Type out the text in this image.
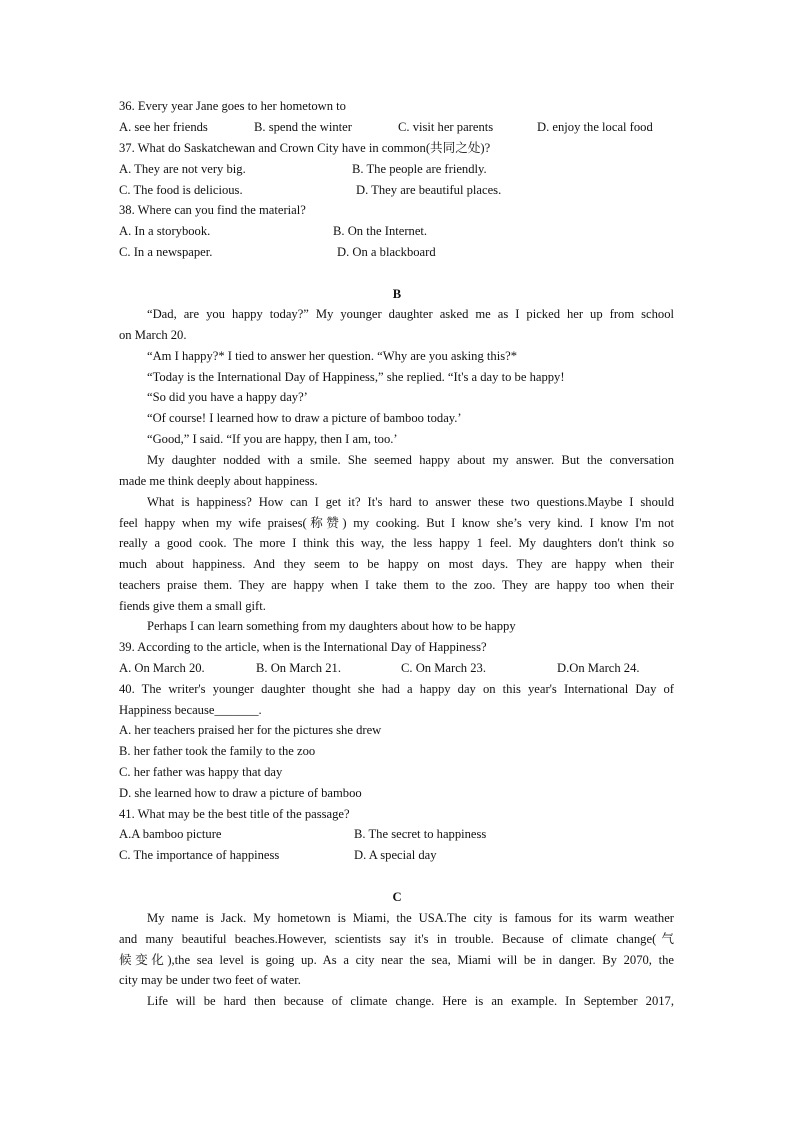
36. Every year Jane goes to her hometown to
A. see her friends	B. spend the winter	C. visit her parents	D. enjoy the local food
37. What do Saskatchewan and Crown City have in common(共同之处)?
A. They are not very big.	B. The people are friendly.
C. The food is delicious.	D. They are beautiful places.
38. Where can you find the material?
A. In a storybook.	B. On the Internet.
C. In a newspaper.	D. On a blackboard
B
“Dad, are you happy today?” My younger daughter asked me as I picked her up from school
on March 20.
“Am I happy?* I tied to answer her question. “Why are you asking this?*
“Today is the International Day of Happiness,” she replied. “It's a day to be happy!
“So did you have a happy day?’
“Of course! I learned how to draw a picture of bamboo today.’
“Good,” I said. “If you are happy, then I am, too.’
My daughter nodded with a smile. She seemed happy about my answer. But the conversation
made me think deeply about happiness.
What is happiness? How can I get it? It's hard to answer these two questions.Maybe I should
feel happy when my wife praises(称赞) my cooking. But I know she’s very kind. I know I'm not
really a good cook. The more I think this way, the less happy 1 feel. My daughters don't think so
much about happiness. And they seem to be happy on most days. They are happy when their
teachers praise them. They are happy when I take them to the zoo. They are happy too when their
fiends give them a small gift.
Perhaps I can learn something from my daughters about how to be happy
39. According to the article, when is the International Day of Happiness?
A. On March 20.	B. On March 21.	C. On March 23.	D.On March 24.
40. The writer's younger daughter thought she had a happy day on this year's International Day of
Happiness because_______.
A. her teachers praised her for the pictures she drew
B. her father took the family to the zoo
C. her father was happy that day
D. she learned how to draw a picture of bamboo
41. What may be the best title of the passage?
A.A bamboo picture	B. The secret to happiness
C. The importance of happiness	D. A special day
C
My name is Jack. My hometown is Miami, the USA.The city is famous for its warm weather
and many beautiful beaches.However, scientists say it's in trouble. Because of climate change(气
候变化),the sea level is going up. As a city near the sea, Miami will be in danger. By 2070, the
city may be under two feet of water.
Life will be hard then because of climate change. Here is an example. In September 2017,
